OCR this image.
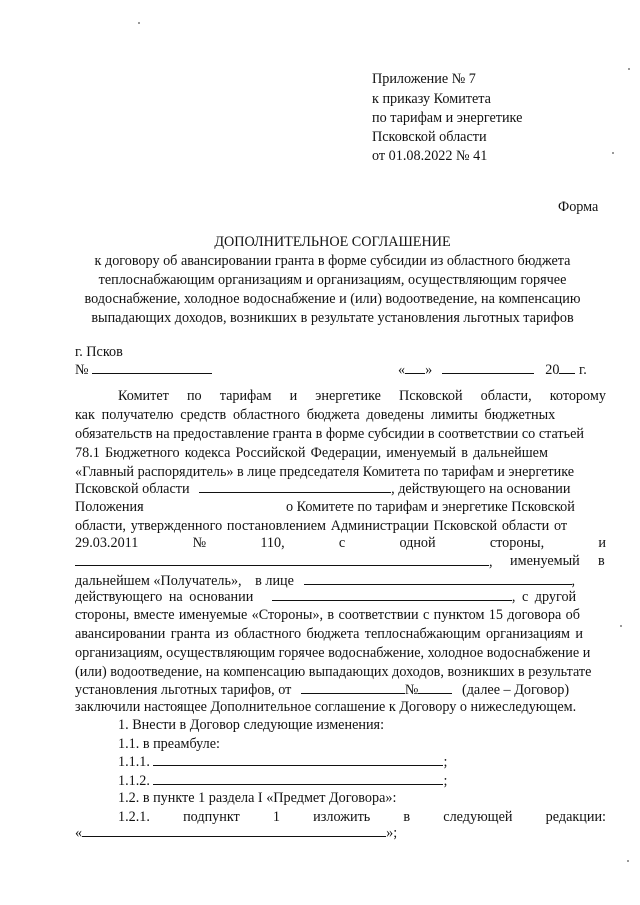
Приложение № 7
к приказу Комитета
по тарифам и энергетике
Псковской области
от 01.08.2022 № 41
Форма
ДОПОЛНИТЕЛЬНОЕ СОГЛАШЕНИЕ
к договору об авансировании гранта в форме субсидии из областного бюджета
теплоснабжающим организациям и организациям, осуществляющим горячее
водоснабжение, холодное водоснабжение и (или) водоотведение, на компенсацию
выпадающих доходов, возникших в результате установления льготных тарифов
г. Псков
№	« »	20 г.
Комитет по тарифам и энергетике Псковской области, которому
как получателю средств областного бюджета доведены лимиты бюджетных
обязательств на предоставление гранта в форме субсидии в соответствии со статьей
78.1 Бюджетного кодекса Российской Федерации, именуемый в дальнейшем
«Главный распорядитель» в лице председателя Комитета по тарифам и энергетике
Псковской области	, действующего на основании
Положения	о Комитете по тарифам и энергетике Псковской
области, утвержденного постановлением Администрации Псковской области от
29.03.2011	№	110,	с	одной	стороны,	и
, именуемый в
дальнейшем «Получатель», в лице	,
действующего на основании	, с другой
стороны, вместе именуемые «Стороны», в соответствии с пунктом 15 договора об
авансировании гранта из областного бюджета теплоснабжающим организациям и
организациям, осуществляющим горячее водоснабжение, холодное водоснабжение и
(или) водоотведение, на компенсацию выпадающих доходов, возникших в результате
установления льготных тарифов, от	№	(далее – Договор)
заключили настоящее Дополнительное соглашение к Договору о нижеследующем.
1. Внести в Договор следующие изменения:
1.1. в преамбуле:
1.1.1.	;
1.1.2.	;
1.2. в пункте 1 раздела I «Предмет Договора»:
1.2.1. подпункт 1 изложить в следующей редакции:
«	»;
